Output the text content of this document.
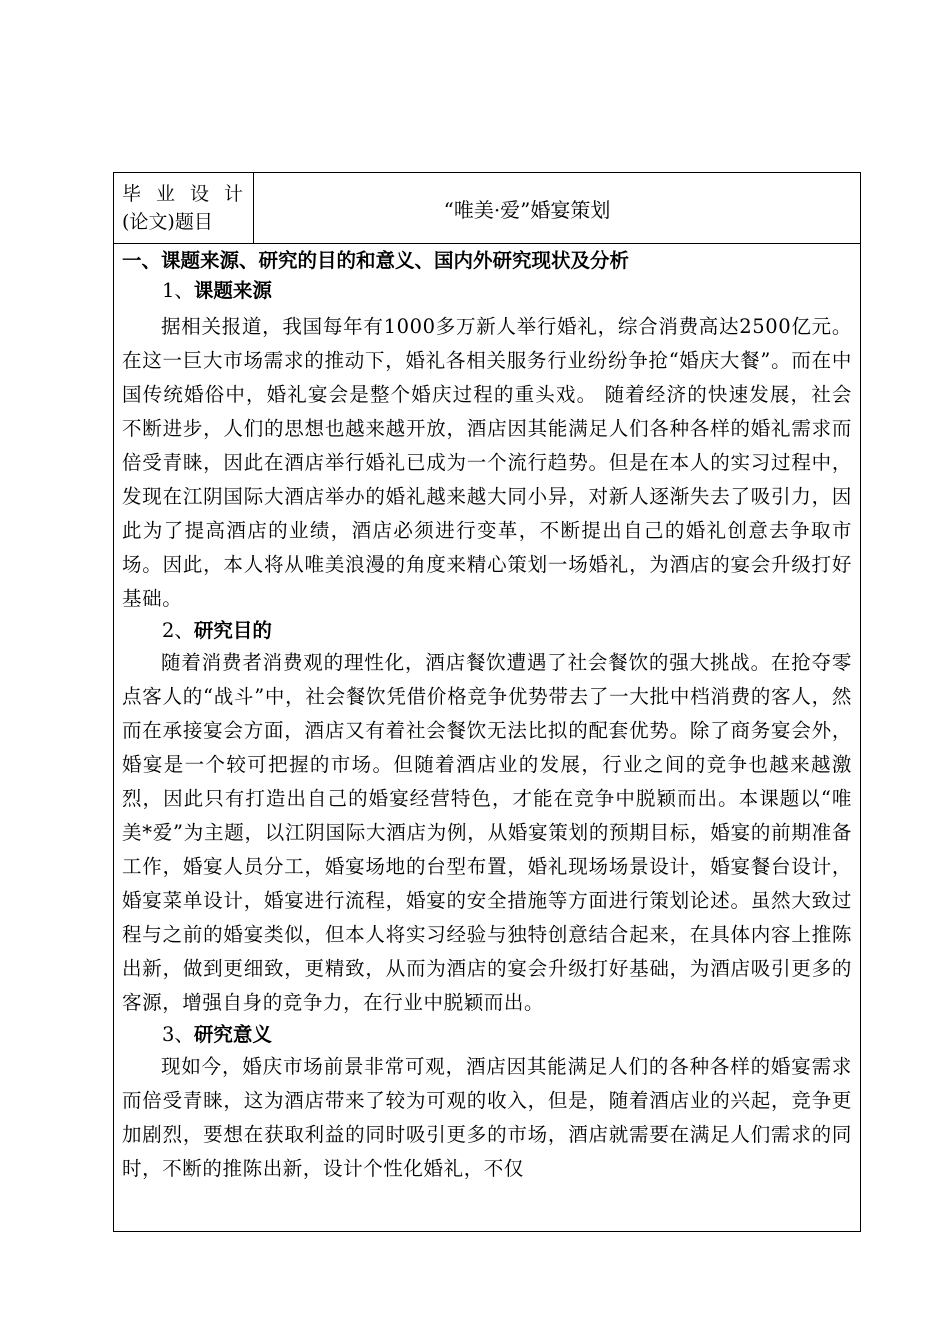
毕业设计
(论文)题目
“唯美·爱”婚宴策划

一、课题来源、研究的目的和意义、国内外研究现状及分析

1、课题来源

据相关报道，我国每年有1000多万新人举行婚礼，综合消费高达2500亿元。在这一巨大市场需求的推动下，婚礼各相关服务行业纷纷争抢“婚庆大餐”。而在中国传统婚俗中，婚礼宴会是整个婚庆过程的重头戏。 随着经济的快速发展，社会不断进步，人们的思想也越来越开放，酒店因其能满足人们各种各样的婚礼需求而倍受青睐，因此在酒店举行婚礼已成为一个流行趋势。但是在本人的实习过程中，发现在江阴国际大酒店举办的婚礼越来越大同小异，对新人逐渐失去了吸引力，因此为了提高酒店的业绩，酒店必须进行变革，不断提出自己的婚礼创意去争取市场。因此，本人将从唯美浪漫的角度来精心策划一场婚礼，为酒店的宴会升级打好基础。

2、研究目的

随着消费者消费观的理性化，酒店餐饮遭遇了社会餐饮的强大挑战。在抢夺零点客人的“战斗”中，社会餐饮凭借价格竞争优势带去了一大批中档消费的客人，然而在承接宴会方面，酒店又有着社会餐饮无法比拟的配套优势。除了商务宴会外，婚宴是一个较可把握的市场。但随着酒店业的发展，行业之间的竞争也越来越激烈，因此只有打造出自己的婚宴经营特色，才能在竞争中脱颖而出。本课题以“唯美*爱”为主题，以江阴国际大酒店为例，从婚宴策划的预期目标，婚宴的前期准备工作，婚宴人员分工，婚宴场地的台型布置，婚礼现场场景设计，婚宴餐台设计，婚宴菜单设计，婚宴进行流程，婚宴的安全措施等方面进行策划论述。虽然大致过程与之前的婚宴类似，但本人将实习经验与独特创意结合起来，在具体内容上推陈出新，做到更细致，更精致，从而为酒店的宴会升级打好基础，为酒店吸引更多的客源，增强自身的竞争力，在行业中脱颖而出。

3、研究意义

现如今，婚庆市场前景非常可观，酒店因其能满足人们的各种各样的婚宴需求而倍受青睐，这为酒店带来了较为可观的收入，但是，随着酒店业的兴起，竞争更加剧烈，要想在获取利益的同时吸引更多的市场，酒店就需要在满足人们需求的同时，不断的推陈出新，设计个性化婚礼，不仅
